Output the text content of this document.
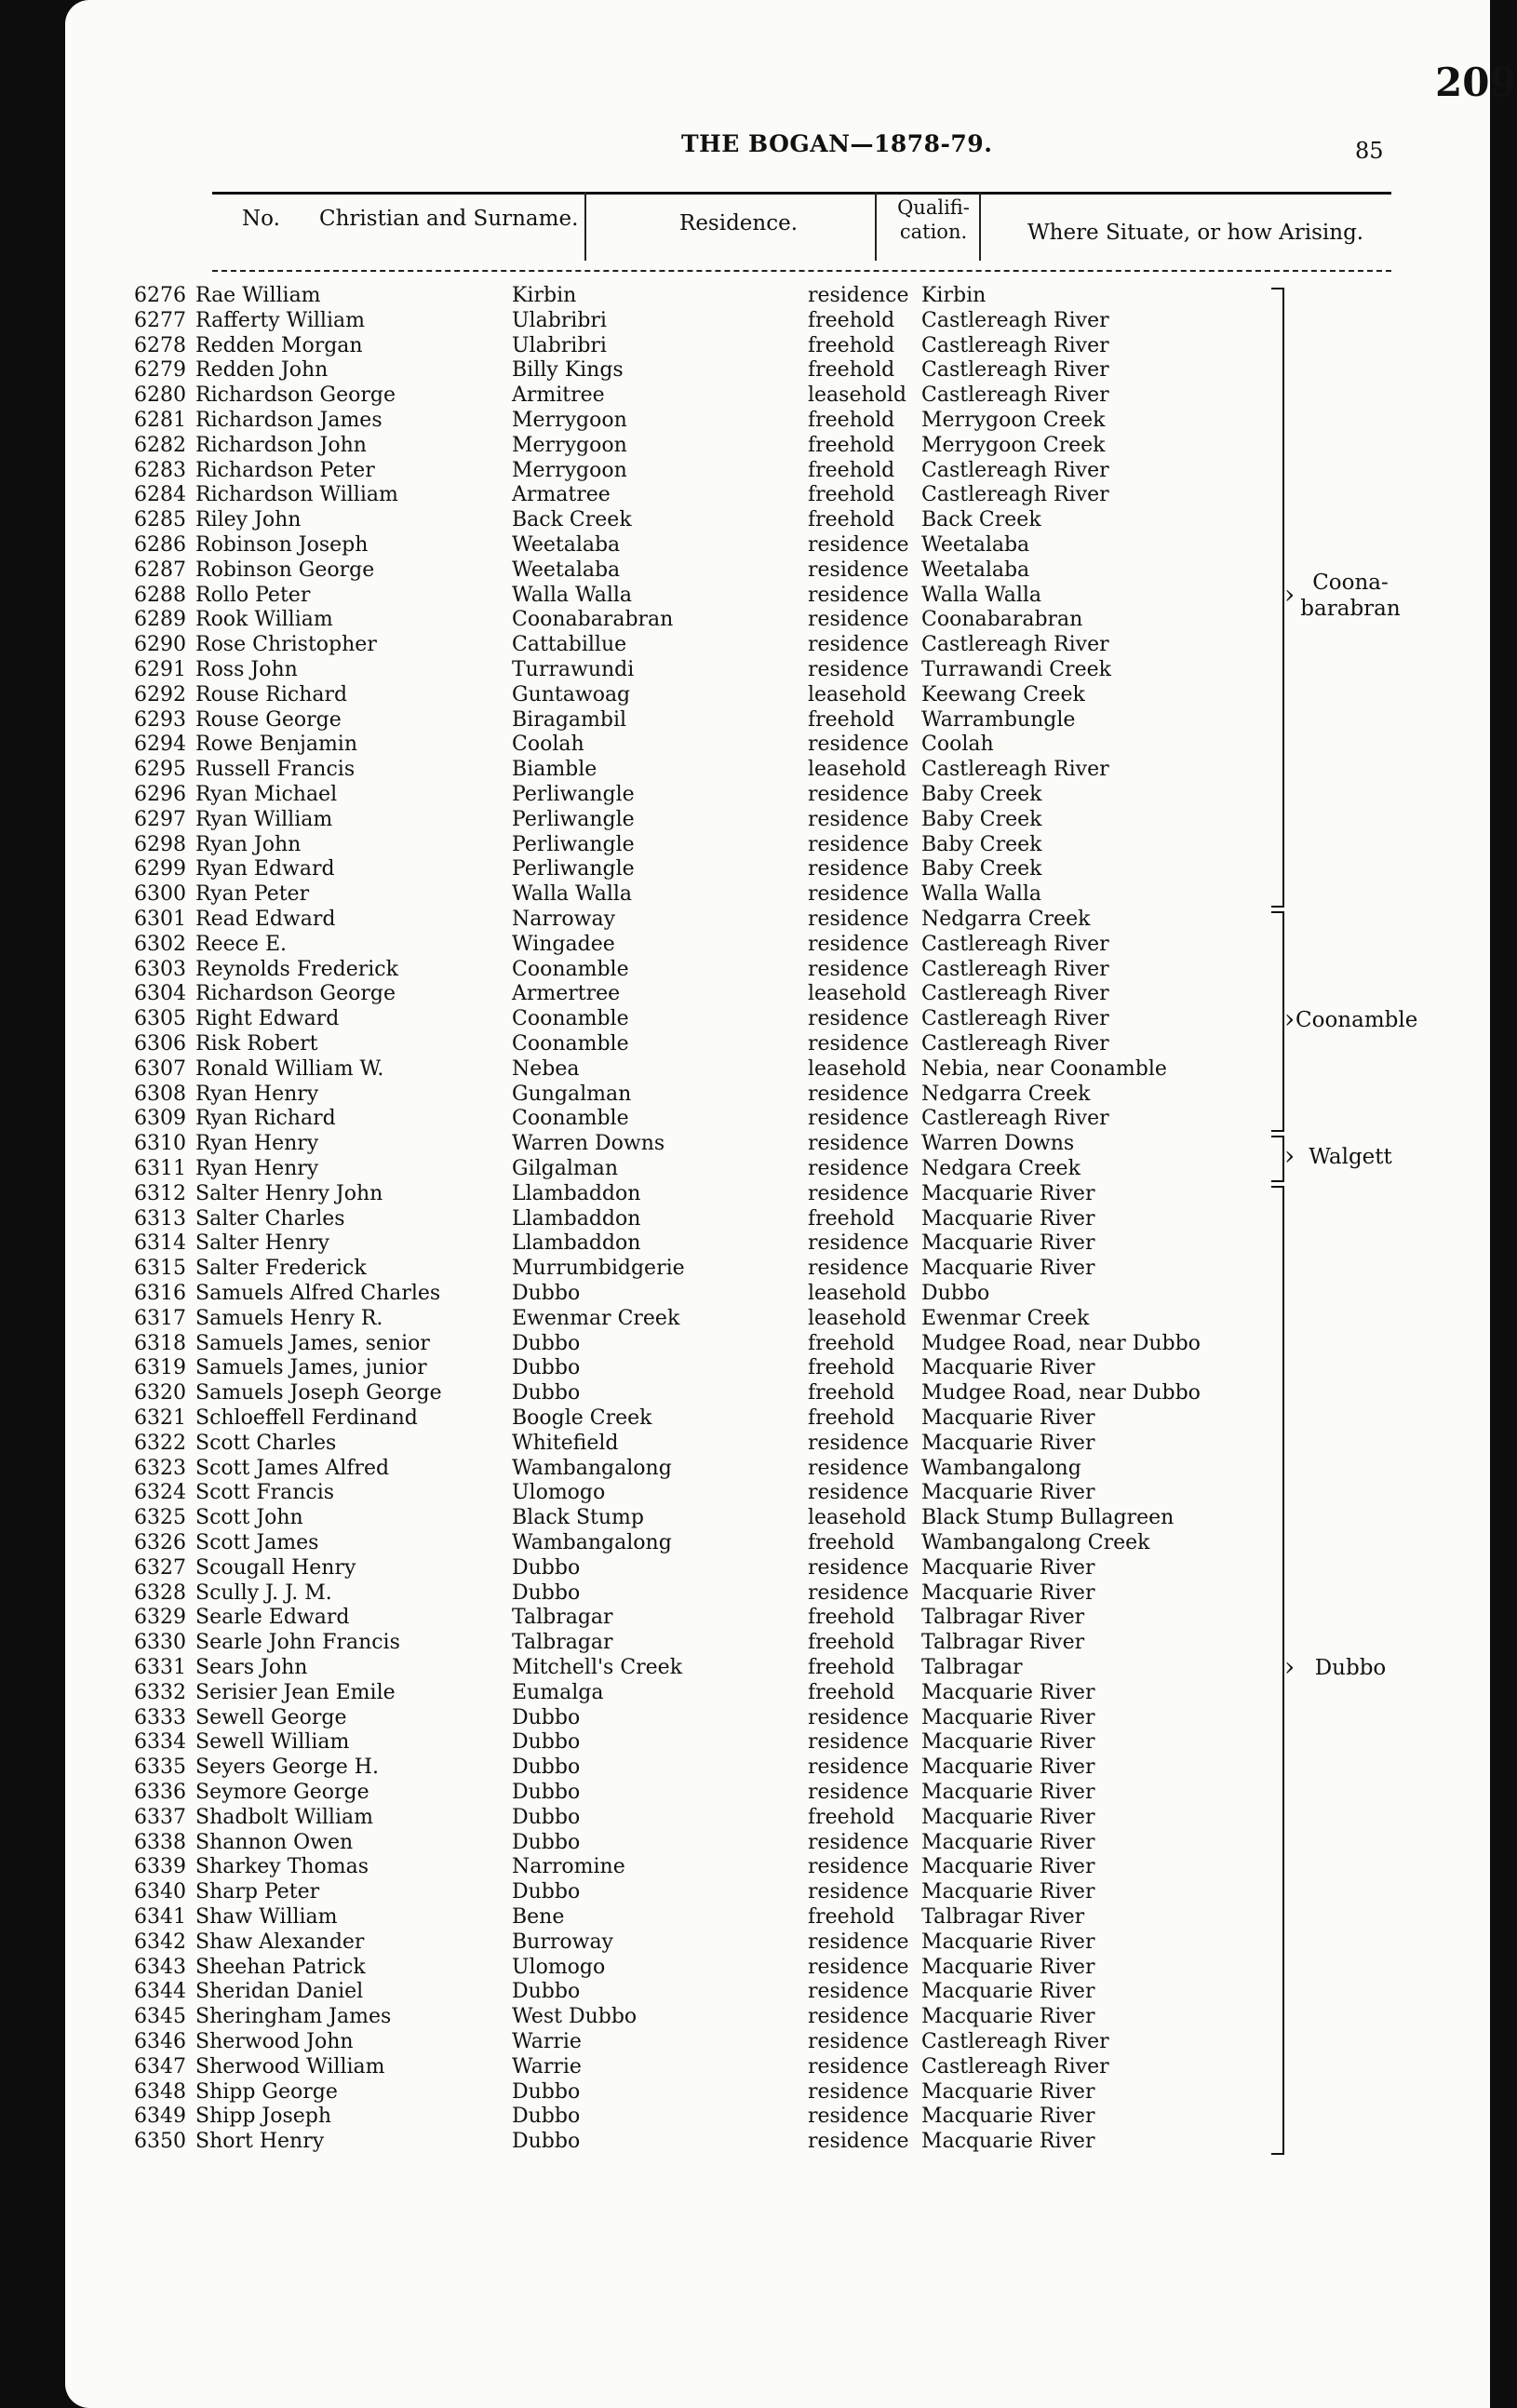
209
THE BOGAN—1878-79.	85
No. Christian and Surname.	Residence.
Qualifi- cation.	Where Situate, or how Arising.
6276 Rae William	Kirbin	residence Kirbin
6277 Rafferty William	Ulabribri	freehold Castlereagh River
6278 Redden Morgan	Ulabribri	freehold Castlereagh River
6279 Redden John	Billy Kings	freehold Castlereagh River
6280 Richardson George	Armitree	leasehold Castlereagh River
6281 Richardson James	Merrygoon	freehold Merrygoon Creek
6282 Richardson John	Merrygoon	freehold Merrygoon Creek
6283 Richardson Peter	Merrygoon	freehold Castlereagh River
6284 Richardson William	Armatree	freehold Castlereagh River
6285 Riley John	Back Creek	freehold Back Creek
6286 Robinson Joseph	Weetalaba	residence Weetalaba
6287 Robinson George	Weetalaba	residence Weetalaba
6288 Rollo Peter	Walla Walla	residence Walla Walla
6289 Rook William	Coonabarabran	residence Coonabarabran
6290 Rose Christopher	Cattabillue	residence Castlereagh River
6291 Ross John	Turrawundi	residence Turrawandi Creek
6292 Rouse Richard	Guntawoag	leasehold Keewang Creek
6293 Rouse George	Biragambil	freehold Warrambungle
6294 Rowe Benjamin	Coolah	residence Coolah
6295 Russell Francis	Biamble	leasehold Castlereagh River
6296 Ryan Michael	Perliwangle	residence Baby Creek
6297 Ryan William	Perliwangle	residence Baby Creek
6298 Ryan John	Perliwangle	residence Baby Creek
6299 Ryan Edward	Perliwangle	residence Baby Creek
6300 Ryan Peter	Walla Walla	residence Walla Walla
6301 Read Edward	Narroway	residence Nedgarra Creek
6302 Reece E.	Wingadee	residence Castlereagh River
6303 Reynolds Frederick	Coonamble	residence Castlereagh River
6304 Richardson George	Armertree	leasehold Castlereagh River
6305 Right Edward	Coonamble	residence Castlereagh River
6306 Risk Robert	Coonamble	residence Castlereagh River
6307 Ronald William W.	Nebea	leasehold Nebia, near Coonamble
6308 Ryan Henry	Gungalman	residence Nedgarra Creek
6309 Ryan Richard	Coonamble	residence Castlereagh River
6310 Ryan Henry	Warren Downs	residence Warren Downs
6311 Ryan Henry	Gilgalman	residence Nedgara Creek
6312 Salter Henry John	Llambaddon	residence Macquarie River
6313 Salter Charles	Llambaddon	freehold Macquarie River
6314 Salter Henry	Llambaddon	residence Macquarie River
6315 Salter Frederick	Murrumbidgerie	residence Macquarie River
6316 Samuels Alfred Charles	Dubbo	leasehold Dubbo
6317 Samuels Henry R.	Ewenmar Creek	leasehold Ewenmar Creek
6318 Samuels James, senior	Dubbo	freehold Mudgee Road, near Dubbo
6319 Samuels James, junior	Dubbo	freehold Macquarie River
6320 Samuels Joseph George	Dubbo	freehold Mudgee Road, near Dubbo
6321 Schloeffell Ferdinand	Boogle Creek	freehold Macquarie River
6322 Scott Charles	Whitefield	residence Macquarie River
6323 Scott James Alfred	Wambangalong	residence Wambangalong
6324 Scott Francis	Ulomogo	residence Macquarie River
6325 Scott John	Black Stump	leasehold Black Stump Bullagreen
6326 Scott James	Wambangalong	freehold Wambangalong Creek
6327 Scougall Henry	Dubbo	residence Macquarie River
6328 Scully J. J. M.	Dubbo	residence Macquarie River
6329 Searle Edward	Talbragar	freehold Talbragar River
6330 Searle John Francis	Talbragar	freehold Talbragar River
6331 Sears John	Mitchell's Creek	freehold Talbragar
6332 Serisier Jean Emile	Eumalga	freehold Macquarie River
6333 Sewell George	Dubbo	residence Macquarie River
6334 Sewell William	Dubbo	residence Macquarie River
6335 Seyers George H.	Dubbo	residence Macquarie River
6336 Seymore George	Dubbo	residence Macquarie River
6337 Shadbolt William	Dubbo	freehold Macquarie River
6338 Shannon Owen	Dubbo	residence Macquarie River
6339 Sharkey Thomas	Narromine	residence Macquarie River
6340 Sharp Peter	Dubbo	residence Macquarie River
6341 Shaw William	Bene	freehold Talbragar River
6342 Shaw Alexander	Burroway	residence Macquarie River
6343 Sheehan Patrick	Ulomogo	residence Macquarie River
6344 Sheridan Daniel	Dubbo	residence Macquarie River
6345 Sheringham James	West Dubbo	residence Macquarie River
6346 Sherwood John	Warrie	residence Castlereagh River
6347 Sherwood William	Warrie	residence Castlereagh River
6348 Shipp George	Dubbo	residence Macquarie River
6349 Shipp Joseph	Dubbo	residence Macquarie River
6350 Short Henry	Dubbo	residence Macquarie River
› Coona- barabran
› Coonamble
› Walgett
› Dubbo
